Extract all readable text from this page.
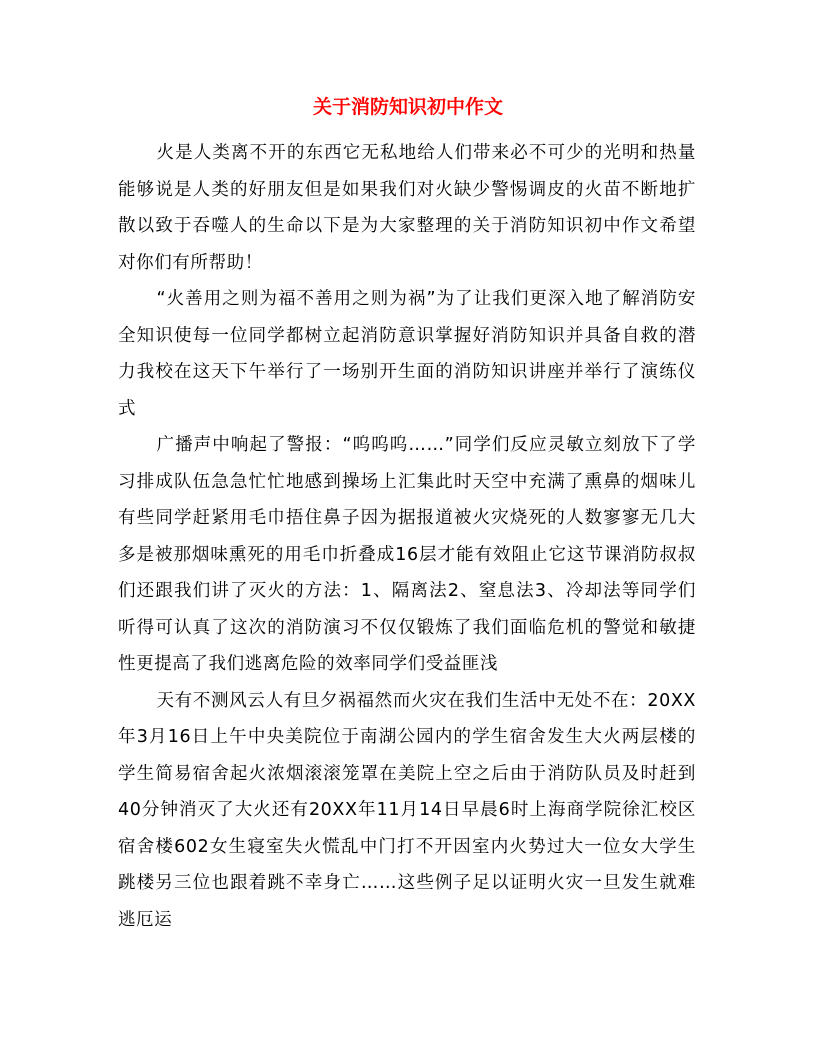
关于消防知识初中作文

火是人类离不开的东西它无私地给人们带来必不可少的光明和热量能够说是人类的好朋友但是如果我们对火缺少警惕调皮的火苗不断地扩散以致于吞噬人的生命以下是为大家整理的关于消防知识初中作文希望对你们有所帮助！

“火善用之则为福不善用之则为祸”为了让我们更深入地了解消防安全知识使每一位同学都树立起消防意识掌握好消防知识并具备自救的潜力我校在这天下午举行了一场别开生面的消防知识讲座并举行了演练仪式

广播声中响起了警报：“呜呜呜……”同学们反应灵敏立刻放下了学习排成队伍急急忙忙地感到操场上汇集此时天空中充满了熏鼻的烟味儿有些同学赶紧用毛巾捂住鼻子因为据报道被火灾烧死的人数寥寥无几大多是被那烟味熏死的用毛巾折叠成16层才能有效阻止它这节课消防叔叔们还跟我们讲了灭火的方法：1、隔离法2、窒息法3、冷却法等同学们听得可认真了这次的消防演习不仅仅锻炼了我们面临危机的警觉和敏捷性更提高了我们逃离危险的效率同学们受益匪浅

天有不测风云人有旦夕祸福然而火灾在我们生活中无处不在：20XX年3月16日上午中央美院位于南湖公园内的学生宿舍发生大火两层楼的学生简易宿舍起火浓烟滚滚笼罩在美院上空之后由于消防队员及时赶到40分钟消灭了大火还有20XX年11月14日早晨6时上海商学院徐汇校区宿舍楼602女生寝室失火慌乱中门打不开因室内火势过大一位女大学生跳楼另三位也跟着跳不幸身亡……这些例子足以证明火灾一旦发生就难逃厄运
